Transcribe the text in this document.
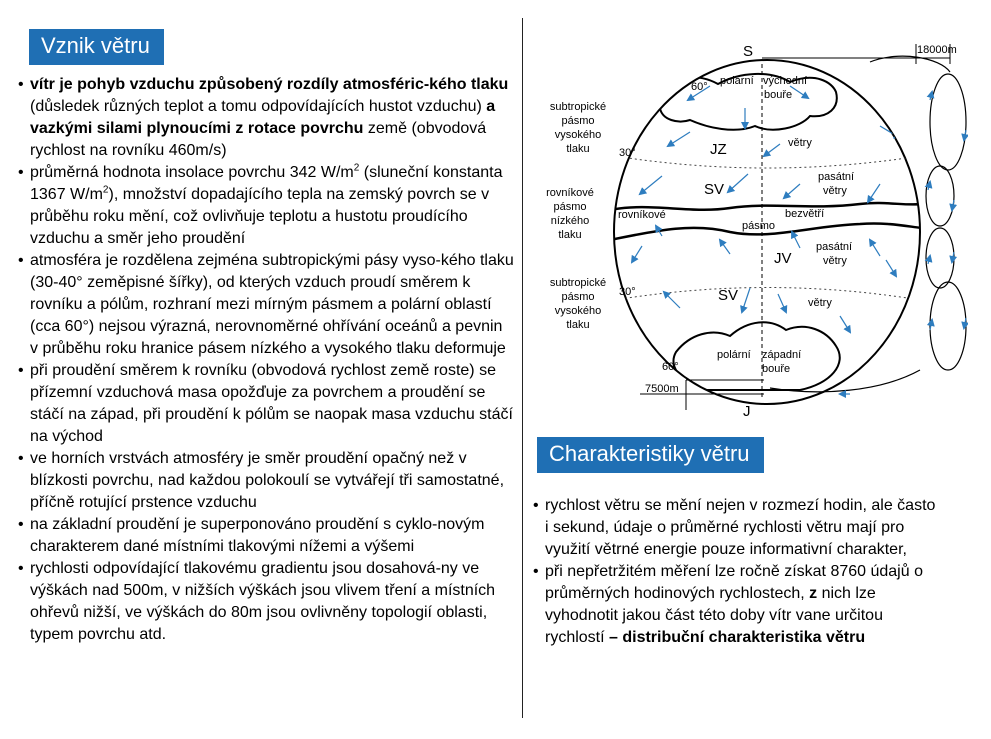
Vznik větru
• vítr je pohyb vzduchu způsobený rozdíly atmosféric-kého tlaku (důsledek různých teplot a tomu odpovídajících hustot vzduchu) a vazkými silami plynoucími z rotace povrchu země (obvodová rychlost na rovníku 460m/s)
• průměrná hodnota insolace povrchu 342 $W/m^2$ (sluneční konstanta 1367 $W/m^2$), množství dopadajícího tepla na zemský povrch se v průběhu roku mění, což ovlivňuje teplotu a hustotu proudícího vzduchu a směr jeho proudění
• atmosféra je rozdělena zejména subtropickými pásy vyso-kého tlaku (30-40° zeměpisné šířky), od kterých vzduch proudí směrem k rovníku a pólům, rozhraní mezi mírným pásmem a polární oblastí (cca 60°) nejsou výrazná, nerovnoměrné ohřívání oceánů a pevnin v průběhu roku hranice pásem nízkého a vysokého tlaku deformuje
• při proudění směrem k rovníku (obvodová rychlost země roste) se přízemní vzduchová masa opožďuje za povrchem a proudění se stáčí na západ, při proudění k pólům se naopak masa vzduchu stáčí na východ
• ve horních vrstvách atmosféry je směr proudění opačný než v blízkosti povrchu, nad každou polokoulí se vytvářejí tři samostatné, příčně rotující prstence vzduchu
• na základní proudění je superponováno proudění s cyklo-novým charakterem dané místními tlakovými nížemi a výšemi
• rychlosti odpovídající tlakovému gradientu jsou dosahová-ny ve výškách nad 500m, v nižších výškách jsou vlivem tření a místních ohřevů nižší, ve výškách do 80m jsou ovlivněny topologií oblasti, typem povrchu atd.
18000m
7500m
S
J
60°
30°
30°
60°
polární východní
bouře
polární západní
bouře
subtropické
pásmo
vysokého
tlaku
rovníkové
pásmo
nízkého
tlaku
subtropické
pásmo
vysokého
tlaku
JZ
SV
JV
SV
větry
pasátní
větry
pasátní
větry
větry
rovníkové	bezvětří
pásmo
Charakteristiky větru
• rychlost větru se mění nejen v rozmezí hodin, ale často i sekund, údaje o průměrné rychlosti větru mají pro využití větrné energie pouze informativní charakter,
• při nepřetržitém měření lze ročně získat 8760 údajů o průměrných hodinových rychlostech, z nich lze vyhodnotit jakou část této doby vítr vane určitou rychlostí – distribuční charakteristika větru
